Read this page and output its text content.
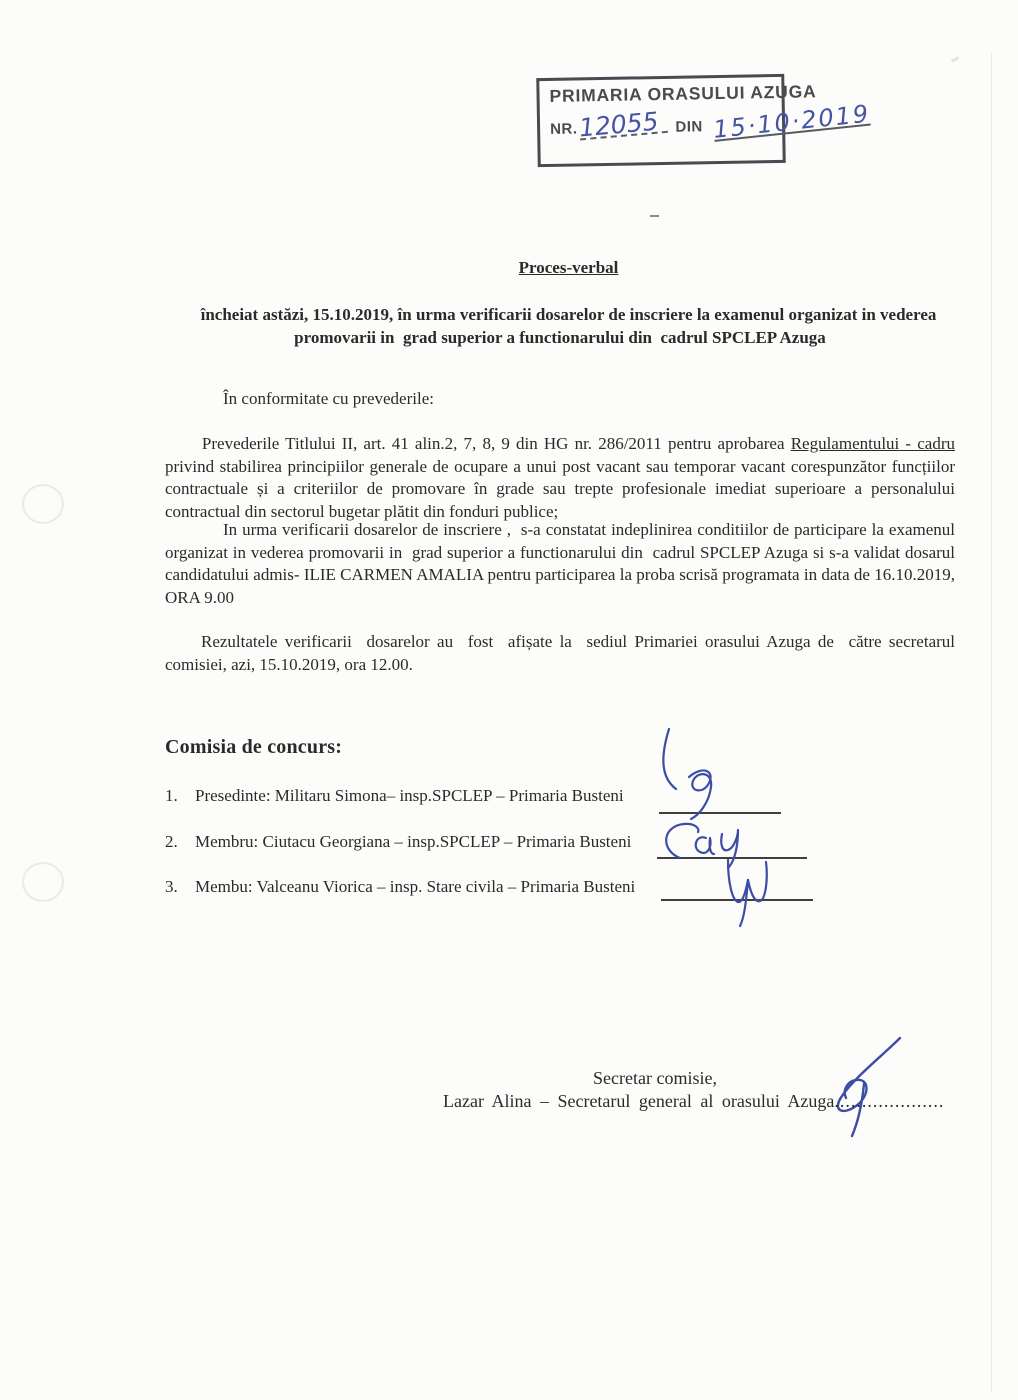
PRIMARIA ORASULUI AZUGA
NR. 12055	DIN 15·10·2019

Proces-verbal

încheiat astăzi, 15.10.2019, în urma verificarii dosarelor de inscriere la examenul organizat in vederea promovarii in  grad superior a functionarului din  cadrul SPCLEP Azuga

În conformitate cu prevederile:

Prevederile Titlului II, art. 41 alin.2, 7, 8, 9 din HG nr. 286/2011 pentru aprobarea Regulamentului - cadru privind stabilirea principiilor generale de ocupare a unui post vacant sau temporar vacant corespunzător funcțiilor contractuale și a criteriilor de promovare în grade sau trepte profesionale imediat superioare a personalului contractual din sectorul bugetar plătit din fonduri publice;

In urma verificarii dosarelor de inscriere ,  s-a constatat indeplinirea conditiilor de participare la examenul  organizat in vederea promovarii in  grad superior a functionarului din  cadrul SPCLEP Azuga si s-a validat dosarul candidatului admis- ILIE CARMEN AMALIA pentru participarea la proba scrisă programata in data de 16.10.2019, ORA 9.00
Rezultatele verificarii  dosarelor au  fost  afișate la  sediul Primariei orasului Azuga de  către secretarul  comisiei, azi, 15.10.2019, ora 12.00.
Comisia de concurs:
1. Presedinte: Militaru Simona– insp.SPCLEP – Primaria Busteni
2. Membru: Ciutacu Georgiana – insp.SPCLEP – Primaria Busteni
3. Membu: Valceanu Viorica – insp. Stare civila – Primaria Busteni
Secretar comisie,
Lazar Alina – Secretarul general al orasului Azuga....................
